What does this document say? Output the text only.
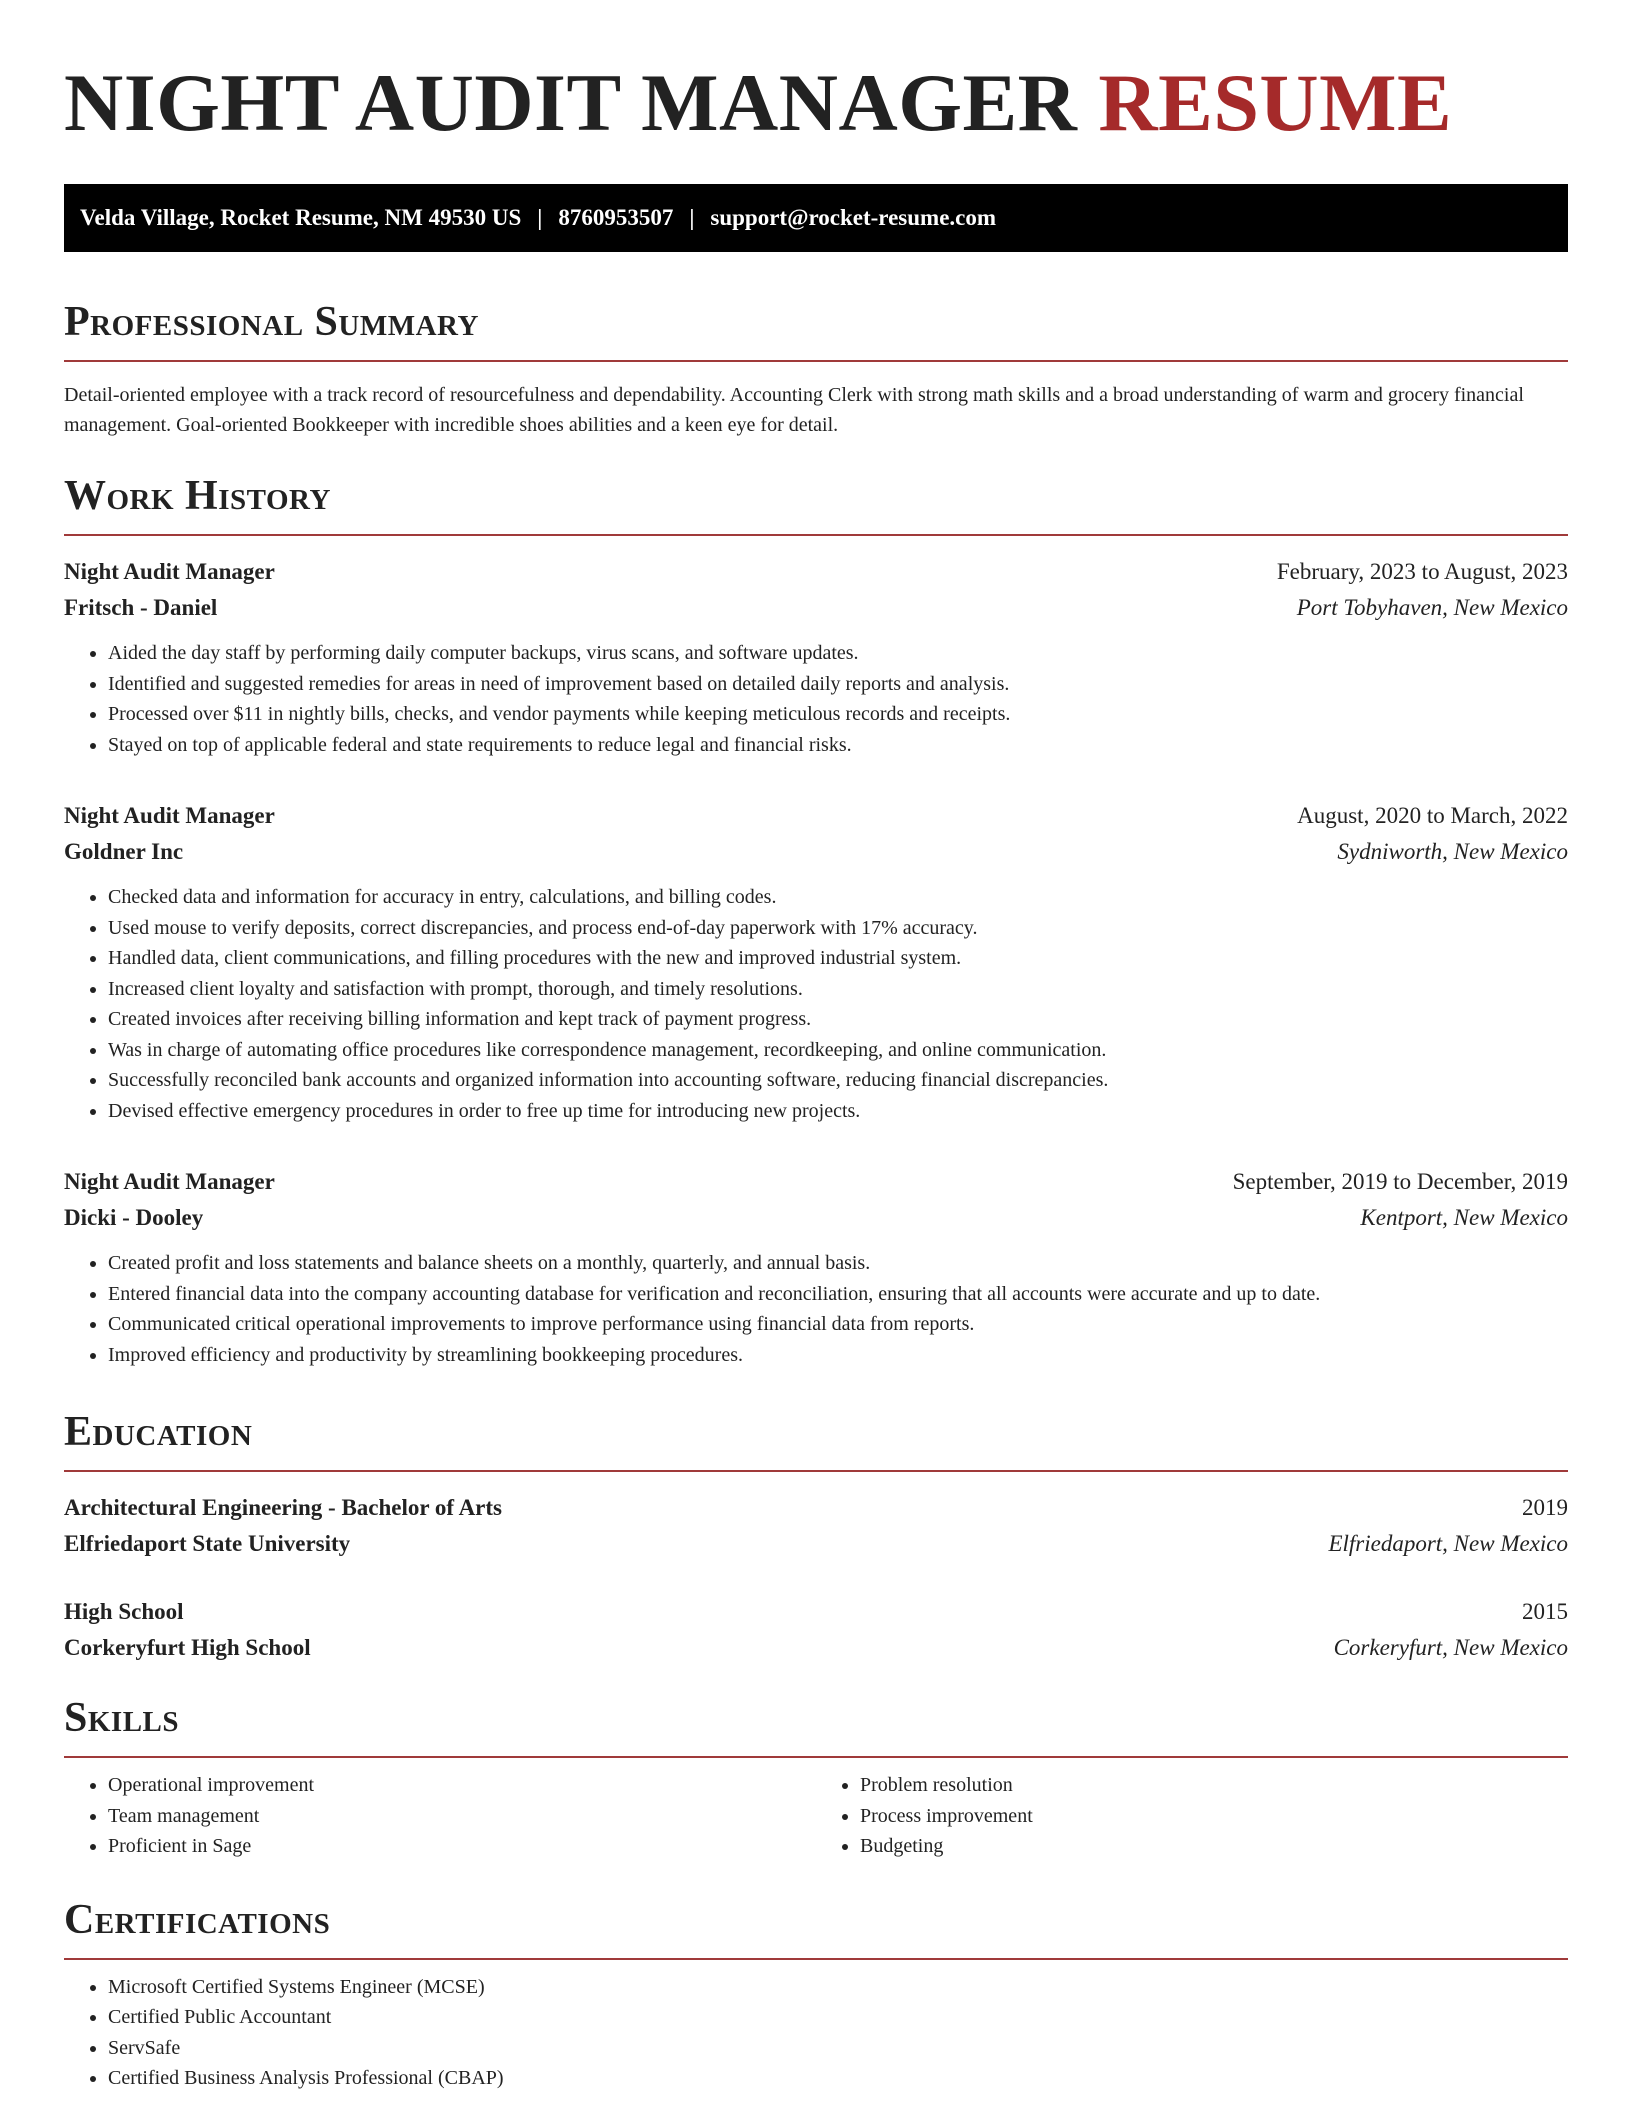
NIGHT AUDIT MANAGER RESUME
Velda Village, Rocket Resume, NM 49530 US | 8760953507 | support@rocket-resume.com
Professional Summary

Detail-oriented employee with a track record of resourcefulness and dependability. Accounting Clerk with strong math skills and a broad understanding of warm and grocery financial management. Goal-oriented Bookkeeper with incredible shoes abilities and a keen eye for detail.

Work History
Night Audit Manager	February, 2023 to August, 2023
Fritsch - Daniel	Port Tobyhaven, New Mexico
• Aided the day staff by performing daily computer backups, virus scans, and software updates.
• Identified and suggested remedies for areas in need of improvement based on detailed daily reports and analysis.
• Processed over $11 in nightly bills, checks, and vendor payments while keeping meticulous records and receipts.
• Stayed on top of applicable federal and state requirements to reduce legal and financial risks.
Night Audit Manager	August, 2020 to March, 2022
Goldner Inc	Sydniworth, New Mexico
• Checked data and information for accuracy in entry, calculations, and billing codes.
• Used mouse to verify deposits, correct discrepancies, and process end-of-day paperwork with 17% accuracy.
• Handled data, client communications, and filling procedures with the new and improved industrial system.
• Increased client loyalty and satisfaction with prompt, thorough, and timely resolutions.
• Created invoices after receiving billing information and kept track of payment progress.
• Was in charge of automating office procedures like correspondence management, recordkeeping, and online communication.
• Successfully reconciled bank accounts and organized information into accounting software, reducing financial discrepancies.
• Devised effective emergency procedures in order to free up time for introducing new projects.
Night Audit Manager	September, 2019 to December, 2019
Dicki - Dooley	Kentport, New Mexico
• Created profit and loss statements and balance sheets on a monthly, quarterly, and annual basis.
• Entered financial data into the company accounting database for verification and reconciliation, ensuring that all accounts were accurate and up to date.
• Communicated critical operational improvements to improve performance using financial data from reports.
• Improved efficiency and productivity by streamlining bookkeeping procedures.
Education
Architectural Engineering - Bachelor of Arts	2019
Elfriedaport State University	Elfriedaport, New Mexico
High School	2015
Corkeryfurt High School	Corkeryfurt, New Mexico
Skills
• Operational improvement
• Team management
• Proficient in Sage
• Problem resolution
• Process improvement
• Budgeting
Certifications
• Microsoft Certified Systems Engineer (MCSE)
• Certified Public Accountant
• ServSafe
• Certified Business Analysis Professional (CBAP)
